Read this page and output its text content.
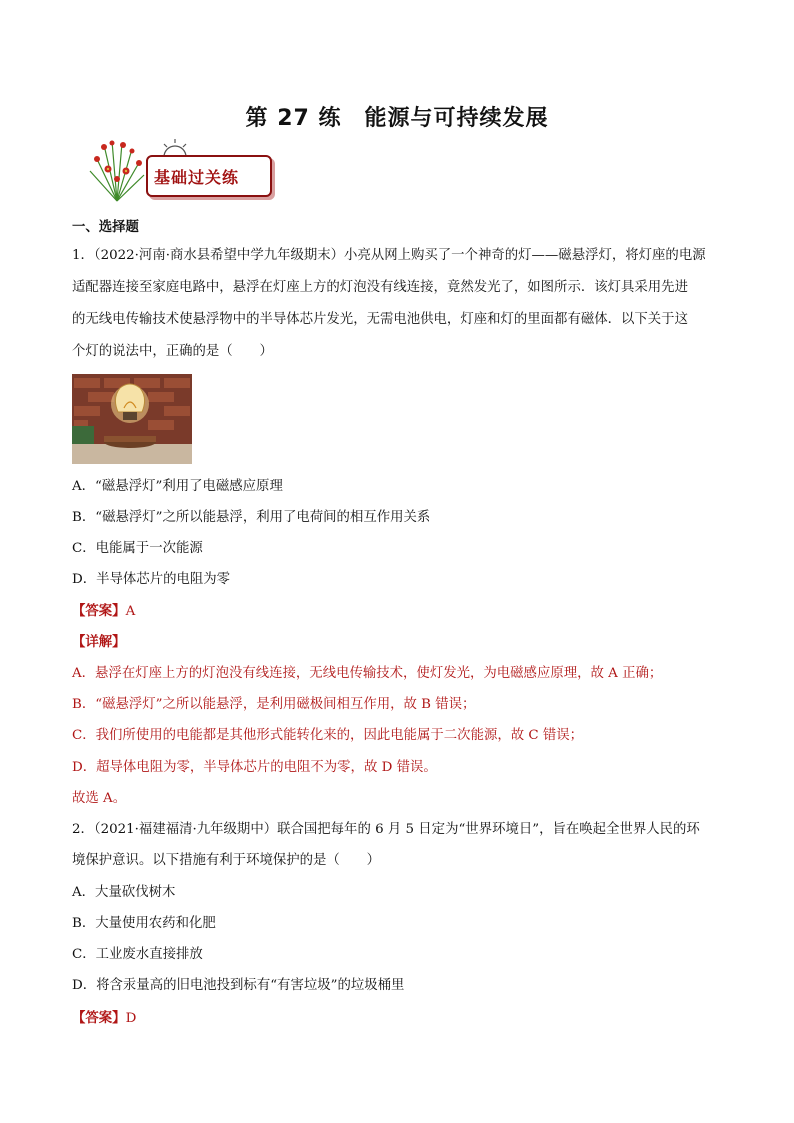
第 27 练　能源与可持续发展
基础过关练
一、选择题
1．（2022·河南·商水县希望中学九年级期末）小亮从网上购买了一个神奇的灯——磁悬浮灯，将灯座的电源
适配器连接至家庭电路中，悬浮在灯座上方的灯泡没有线连接，竟然发光了，如图所示．该灯具采用先进
的无线电传输技术使悬浮物中的半导体芯片发光，无需电池供电，灯座和灯的里面都有磁体．以下关于这
个灯的说法中，正确的是（　　）
A．“磁悬浮灯”利用了电磁感应原理
B．“磁悬浮灯”之所以能悬浮，利用了电荷间的相互作用关系
C．电能属于一次能源
D．半导体芯片的电阻为零
【答案】A
【详解】
A．悬浮在灯座上方的灯泡没有线连接，无线电传输技术，使灯发光，为电磁感应原理，故 A 正确；
B．“磁悬浮灯”之所以能悬浮，是利用磁极间相互作用，故 B 错误；
C．我们所使用的电能都是其他形式能转化来的，因此电能属于二次能源，故 C 错误；
D．超导体电阻为零，半导体芯片的电阻不为零，故 D 错误。
故选 A。
2．（2021·福建福清·九年级期中）联合国把每年的 6 月 5 日定为“世界环境日”，旨在唤起全世界人民的环
境保护意识。以下措施有利于环境保护的是（　　）
A．大量砍伐树木
B．大量使用农药和化肥
C．工业废水直接排放
D．将含汞量高的旧电池投到标有“有害垃圾”的垃圾桶里
【答案】D
